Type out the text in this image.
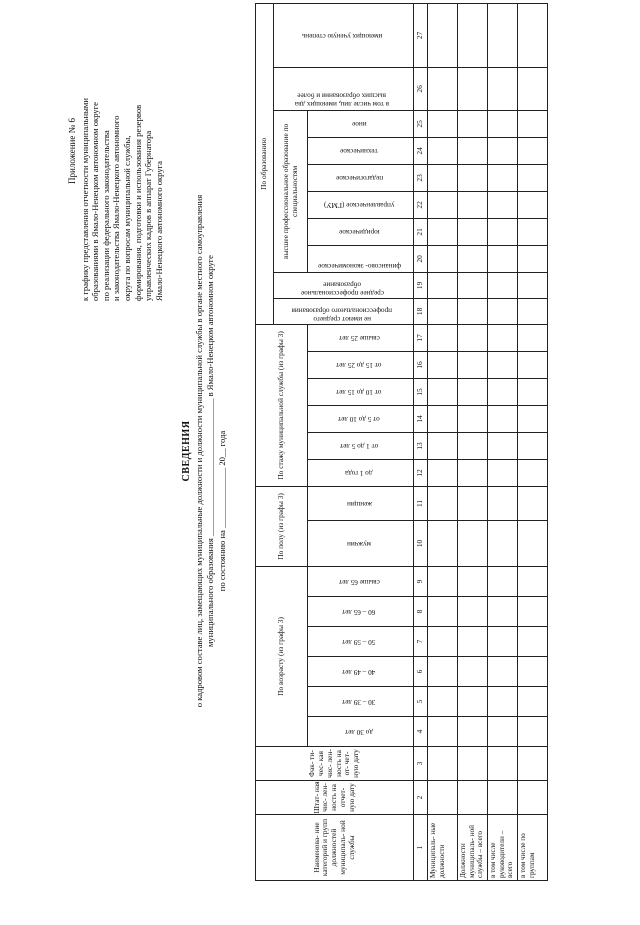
Приложение № 6 к графику представления отчетности муниципальными образованиями в Ямало-Ненецком автономном округе по реализации федерального законодательства и законодательства Ямало-Ненецкого автономного округа по вопросам муниципальной службы, формирования, подготовки и использования резервов управленческих кадров в аппарат Губернатора Ямало-Ненецкого автономного округа
СВЕДЕНИЯ о кадровом составе лиц, замещающих муниципальные должности и должности муниципальной службы в органе местного самоуправления муниципального образования ________________________________ в Ямало-Ненецком автономном округе по состоянию на ______________ 20__ года
Наименова- ние категорий и групп должностей муниципаль- ной службы	Штат- ная чис- лен- ность на отчет- ную дату	Фак- ти- чес- кая чис- лен- ность на от- чет- ную дату	По возрасту (из графы 3)						По полу (из графы 3)		По стажу муниципальной службы (из графы 3)						По образованию									
																	не имеют среднего профессионального образования	среднее профессиональное образование	высшее профессиональное образование по специальностям						в том числе лиц, имеющих два высших образования и более	имеющих ученую степень
			до 30 лет	30 – 39 лет	40 – 49 лет	50 – 59 лет	60 – 65 лет	свыше 65 лет	мужчин	женщин	до 1 года	от 1 до 5 лет	от 5 до 10 лет	от 10 до 15 лет	от 15 до 25 лет	свыше 25 лет			финансово- экономическое	юридическое	управленческое (ГМУ)	педагогическое	техническое	иное		

1	2	3	4	5	6	7	8	9	10	11	12	13	14	15	16	17	18	19	20	21	22	23	24	25	26	27
Муниципаль- ные должности																										
Должности муниципаль- ной службы – всего																										
в том числе руководители – всего																										
в том числе по группам																										
